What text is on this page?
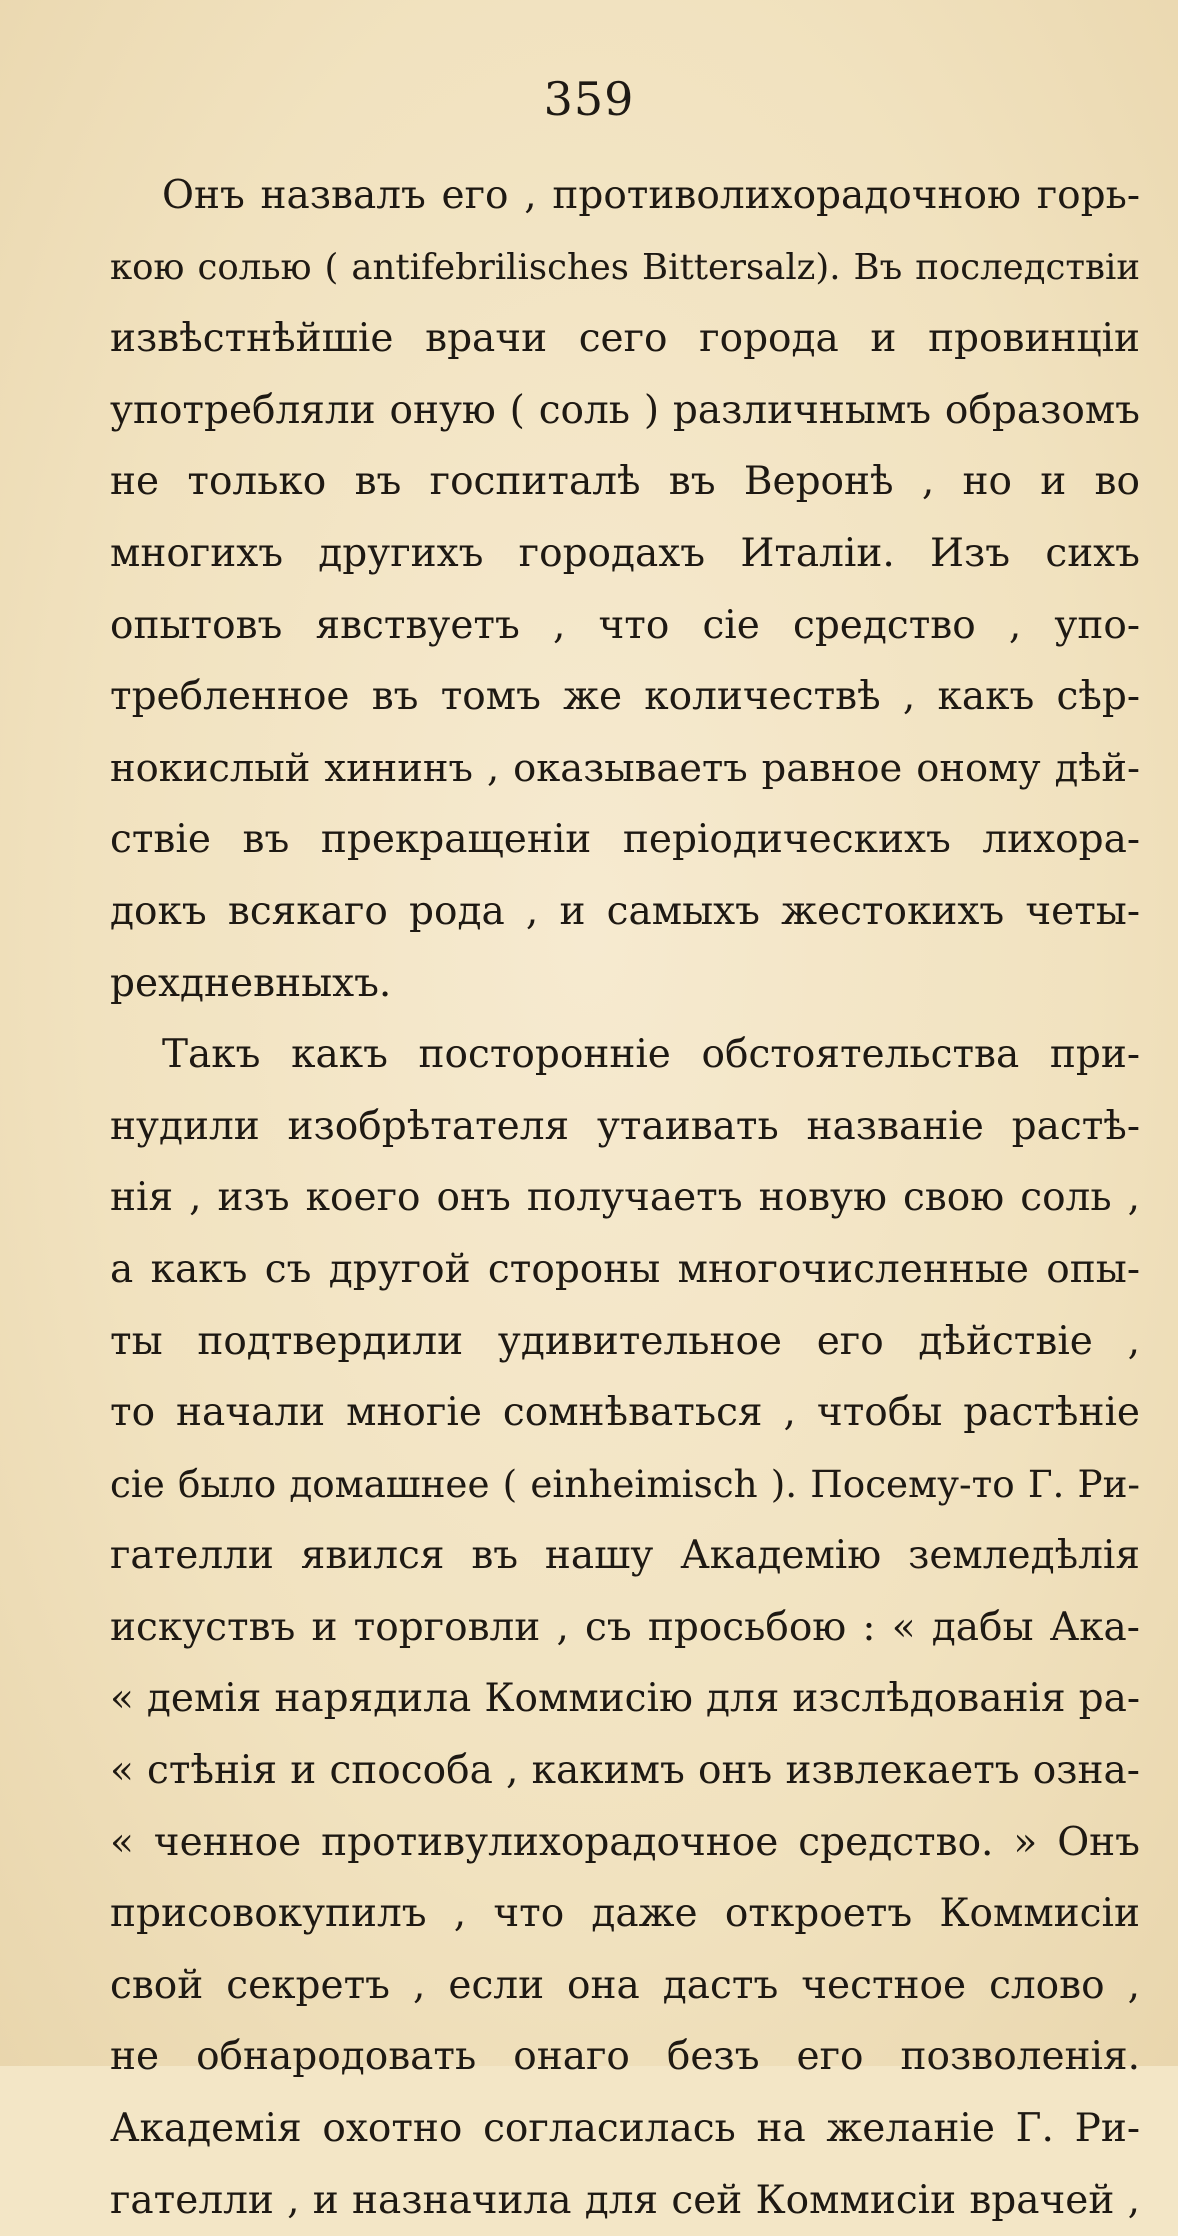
359
Онъ назвалъ его , противолихорадочною горь-
кою солью ( antifebrilisches Bittersalz). Въ последствіи
извѣстнѣйшіе врачи сего города и провинціи
употребляли оную ( соль ) различнымъ образомъ
не только въ госпиталѣ въ Веронѣ , но и во
многихъ другихъ городахъ Италіи. Изъ сихъ
опытовъ явствуетъ , что сіе средство , упо-
требленное въ томъ же количествѣ , какъ сѣр-
нокислый хининъ , оказываетъ равное оному дѣй-
ствіе въ прекращеніи періодическихъ лихора-
докъ всякаго рода , и самыхъ жестокихъ четы-
рехдневныхъ.
Такъ какъ посторонніе обстоятельства при-
нудили изобрѣтателя утаивать названіе растѣ-
нія , изъ коего онъ получаетъ новую свою соль ,
а какъ съ другой стороны многочисленные опы-
ты подтвердили удивительное его дѣйствіе ,
то начали многіе сомнѣваться , чтобы растѣніе
сіе было домашнее ( einheimisch ). Посему-то Г. Ри-
гателли явился въ нашу Академію земледѣлія
искуствъ и торговли , съ просьбою : « дабы Ака-
« демія нарядила Коммисію для изслѣдованія ра-
« стѣнія и способа , какимъ онъ извлекаетъ озна-
« ченное противулихорадочное средство. » Онъ
присовокупилъ , что даже откроетъ Коммисіи
свой секретъ , если она дастъ честное слово ,
не обнародовать онаго безъ его позволенія.
Академія охотно согласилась на желаніе Г. Ри-
гателли , и назначила для сей Коммисіи врачей ,
